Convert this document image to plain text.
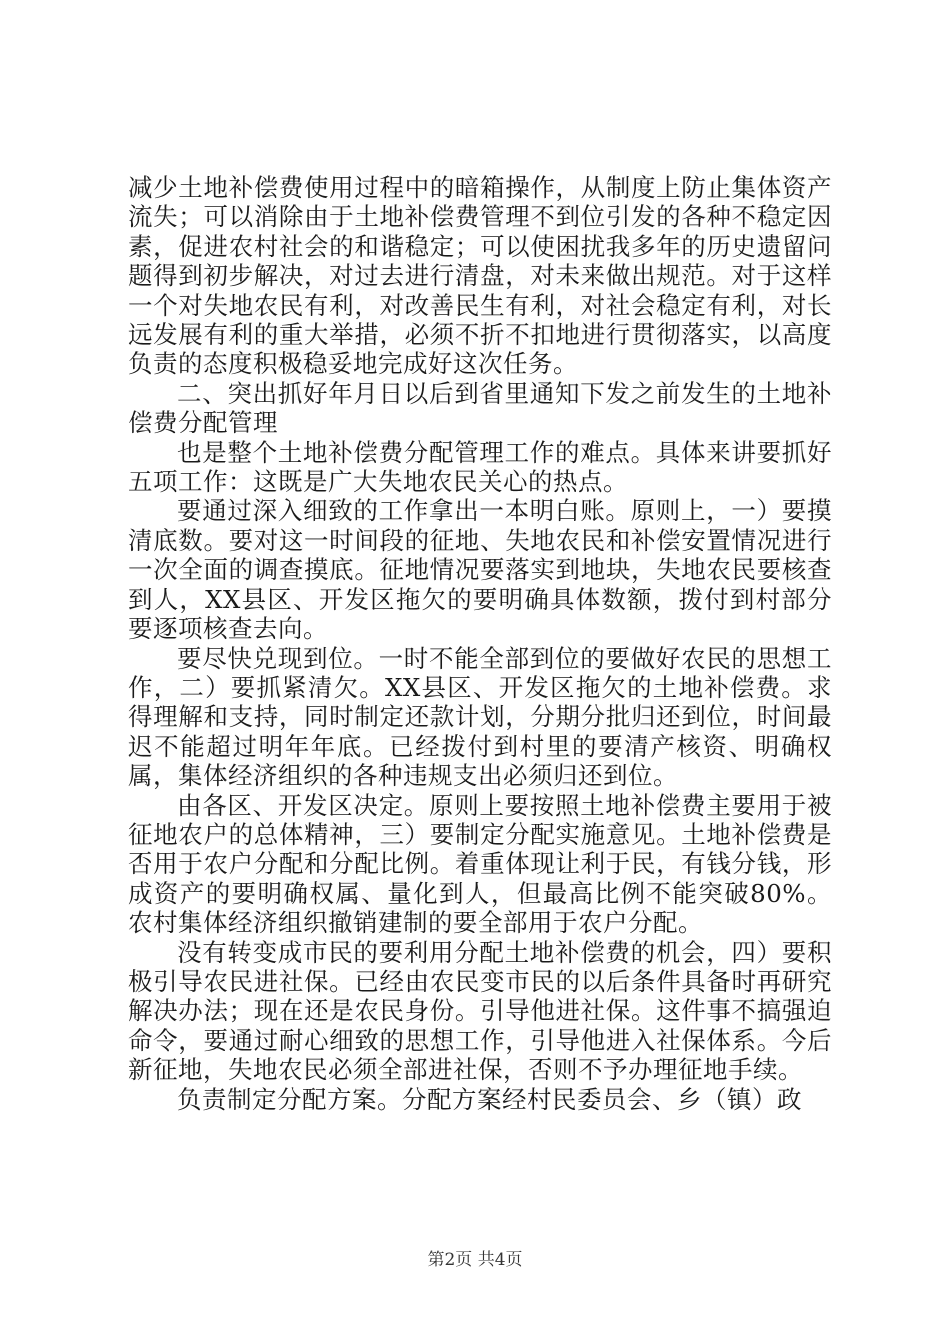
减少土地补偿费使用过程中的暗箱操作，从制度上防止集体资产流失；可以消除由于土地补偿费管理不到位引发的各种不稳定因素，促进农村社会的和谐稳定；可以使困扰我多年的历史遗留问题得到初步解决，对过去进行清盘，对未来做出规范。对于这样一个对失地农民有利，对改善民生有利，对社会稳定有利，对长远发展有利的重大举措，必须不折不扣地进行贯彻落实，以高度负责的态度积极稳妥地完成好这次任务。

二、突出抓好年月日以后到省里通知下发之前发生的土地补偿费分配管理

也是整个土地补偿费分配管理工作的难点。具体来讲要抓好五项工作：这既是广大失地农民关心的热点。

要通过深入细致的工作拿出一本明白账。原则上，一）要摸清底数。要对这一时间段的征地、失地农民和补偿安置情况进行一次全面的调查摸底。征地情况要落实到地块，失地农民要核查到人，XX县区、开发区拖欠的要明确具体数额，拨付到村部分要逐项核查去向。

要尽快兑现到位。一时不能全部到位的要做好农民的思想工作，二）要抓紧清欠。XX县区、开发区拖欠的土地补偿费。求得理解和支持，同时制定还款计划，分期分批归还到位，时间最迟不能超过明年年底。已经拨付到村里的要清产核资、明确权属，集体经济组织的各种违规支出必须归还到位。

由各区、开发区决定。原则上要按照土地补偿费主要用于被征地农户的总体精神，三）要制定分配实施意见。土地补偿费是否用于农户分配和分配比例。着重体现让利于民，有钱分钱，形成资产的要明确权属、量化到人，但最高比例不能突破80%。农村集体经济组织撤销建制的要全部用于农户分配。

没有转变成市民的要利用分配土地补偿费的机会，四）要积极引导农民进社保。已经由农民变市民的以后条件具备时再研究解决办法；现在还是农民身份。引导他进社保。这件事不搞强迫命令，要通过耐心细致的思想工作，引导他进入社保体系。今后新征地，失地农民必须全部进社保，否则不予办理征地手续。

负责制定分配方案。分配方案经村民委员会、乡（镇）政

第2页 共4页
